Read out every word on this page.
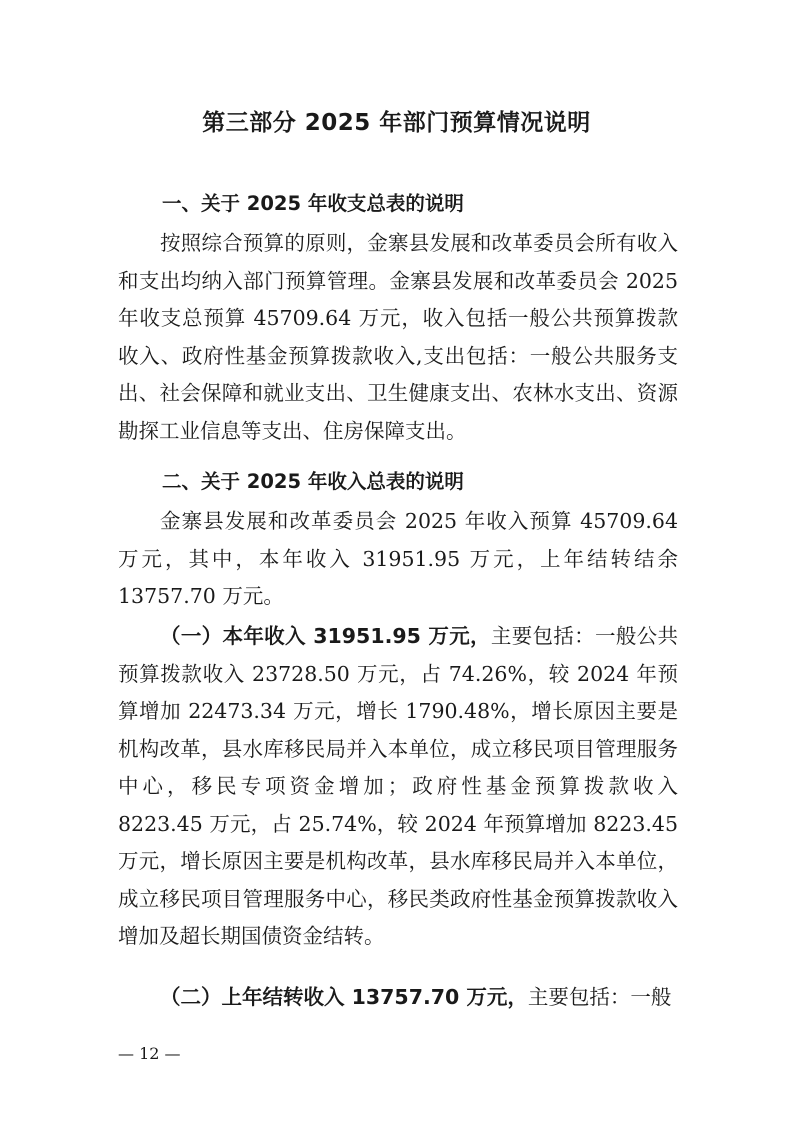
第三部分 2025 年部门预算情况说明
一、关于 2025 年收支总表的说明
按照综合预算的原则，金寨县发展和改革委员会所有收入和支出均纳入部门预算管理。金寨县发展和改革委员会 2025 年收支总预算 45709.64 万元，收入包括一般公共预算拨款收入、政府性基金预算拨款收入,支出包括：一般公共服务支出、社会保障和就业支出、卫生健康支出、农林水支出、资源勘探工业信息等支出、住房保障支出。
二、关于 2025 年收入总表的说明
金寨县发展和改革委员会 2025 年收入预算 45709.64 万元，其中，本年收入 31951.95 万元，上年结转结余 13757.70 万元。
（一）本年收入 31951.95 万元，主要包括：一般公共预算拨款收入 23728.50 万元，占 74.26%，较 2024 年预算增加 22473.34 万元，增长 1790.48%，增长原因主要是机构改革，县水库移民局并入本单位，成立移民项目管理服务中心，移民专项资金增加；政府性基金预算拨款收入 8223.45 万元，占 25.74%，较 2024 年预算增加 8223.45 万元，增长原因主要是机构改革，县水库移民局并入本单位，成立移民项目管理服务中心，移民类政府性基金预算拨款收入增加及超长期国债资金结转。
（二）上年结转收入 13757.70 万元，主要包括：一般
— 12 —
